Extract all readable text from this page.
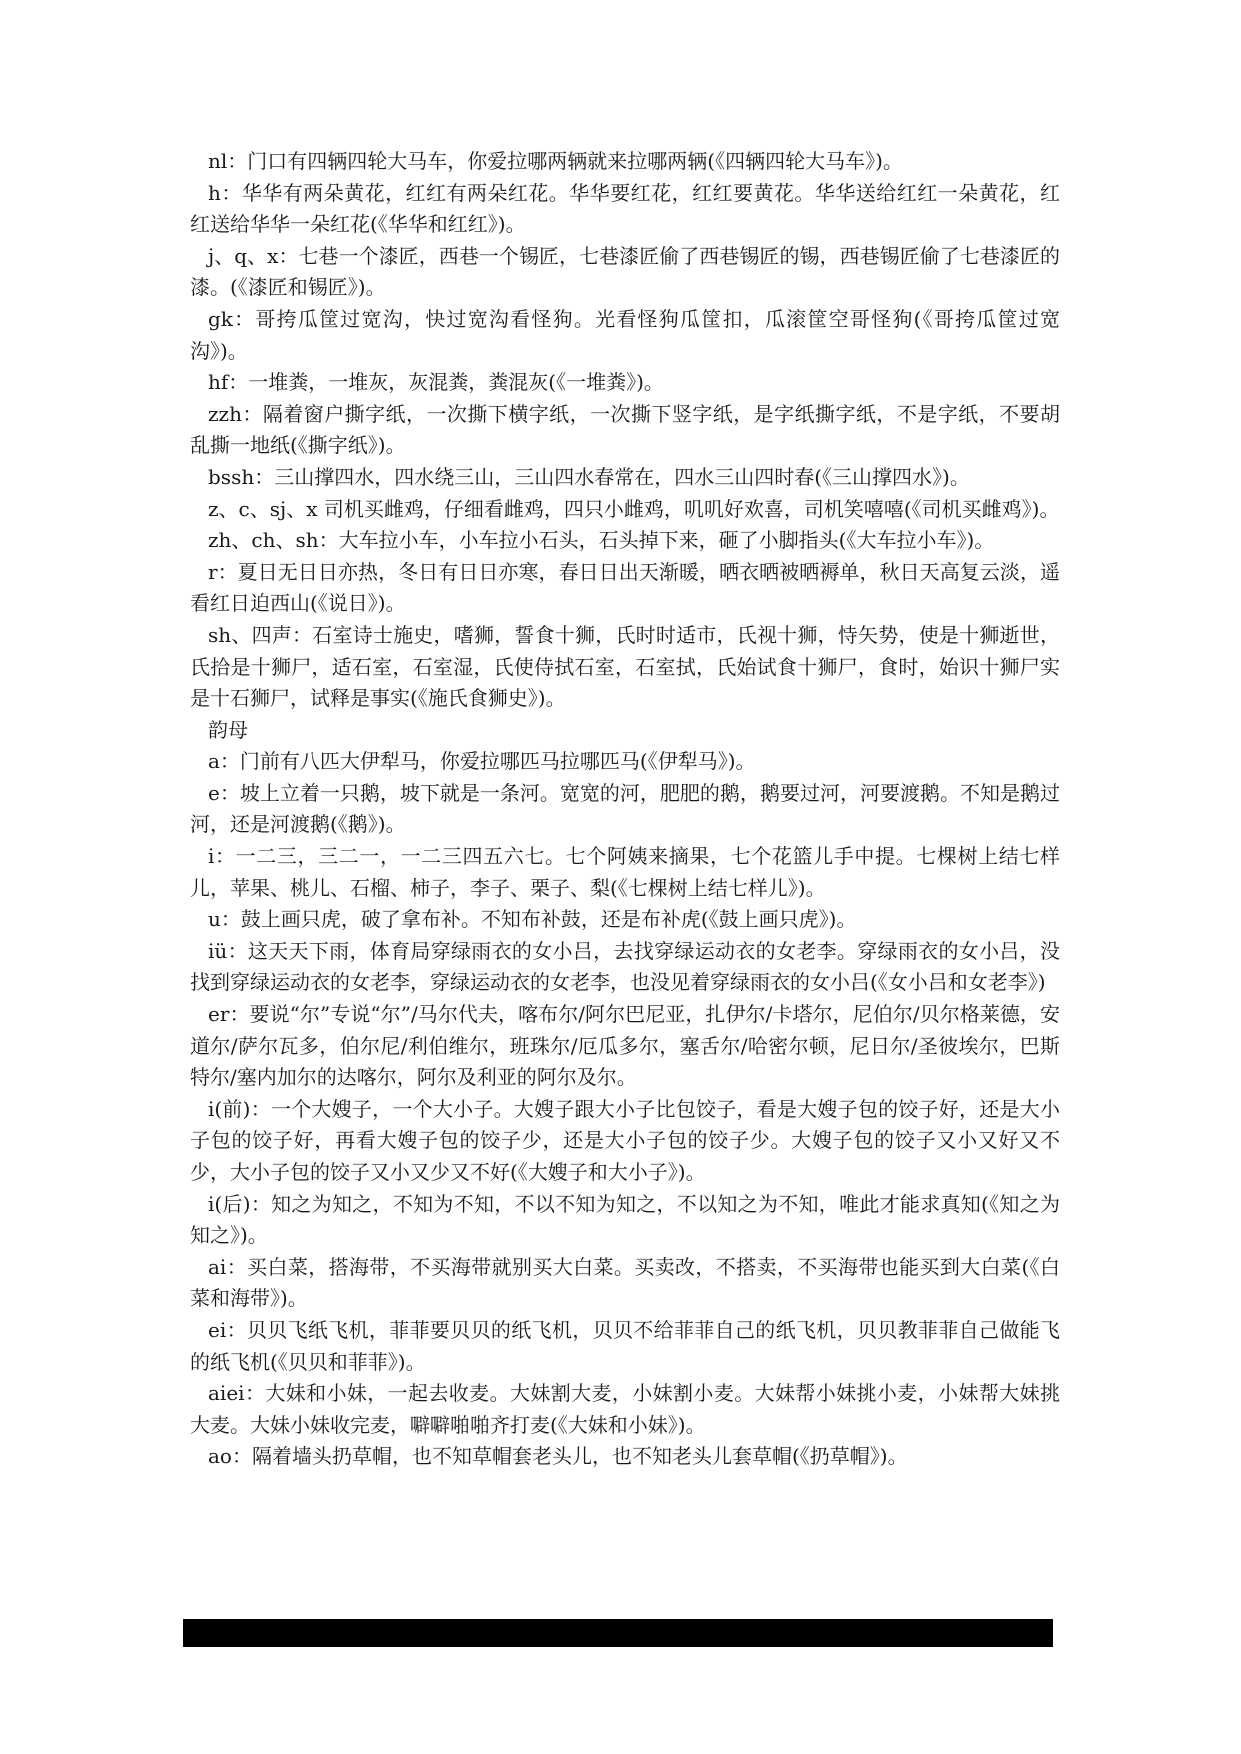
nl：门口有四辆四轮大马车，你爱拉哪两辆就来拉哪两辆(《四辆四轮大马车》)。

h：华华有两朵黄花，红红有两朵红花。华华要红花，红红要黄花。华华送给红红一朵黄花，红红送给华华一朵红花(《华华和红红》)。

j、q、x：七巷一个漆匠，西巷一个锡匠，七巷漆匠偷了西巷锡匠的锡，西巷锡匠偷了七巷漆匠的漆。(《漆匠和锡匠》)。

gk：哥挎瓜筐过宽沟，快过宽沟看怪狗。光看怪狗瓜筐扣，瓜滚筐空哥怪狗(《哥挎瓜筐过宽沟》)。

hf：一堆粪，一堆灰，灰混粪，粪混灰(《一堆粪》)。

zzh：隔着窗户撕字纸，一次撕下横字纸，一次撕下竖字纸，是字纸撕字纸，不是字纸，不要胡乱撕一地纸(《撕字纸》)。

bssh：三山撑四水，四水绕三山，三山四水春常在，四水三山四时春(《三山撑四水》)。

z、c、sj、x 司机买雌鸡，仔细看雌鸡，四只小雌鸡，叽叽好欢喜，司机笑嘻嘻(《司机买雌鸡》)。

zh、ch、sh：大车拉小车，小车拉小石头，石头掉下来，砸了小脚指头(《大车拉小车》)。

r：夏日无日日亦热，冬日有日日亦寒，春日日出天渐暖，晒衣晒被晒褥单，秋日天高复云淡，遥看红日迫西山(《说日》)。

sh、四声：石室诗士施史，嗜狮，誓食十狮，氏时时适市，氏视十狮，恃矢势，使是十狮逝世，氏拾是十狮尸，适石室，石室湿，氏使侍拭石室，石室拭，氏始试食十狮尸，食时，始识十狮尸实是十石狮尸，试释是事实(《施氏食狮史》)。

韵母

a：门前有八匹大伊犁马，你爱拉哪匹马拉哪匹马(《伊犁马》)。

e：坡上立着一只鹅，坡下就是一条河。宽宽的河，肥肥的鹅，鹅要过河，河要渡鹅。不知是鹅过河，还是河渡鹅(《鹅》)。

i：一二三，三二一，一二三四五六七。七个阿姨来摘果，七个花篮儿手中提。七棵树上结七样儿，苹果、桃儿、石榴、柿子，李子、栗子、梨(《七棵树上结七样儿》)。

u：鼓上画只虎，破了拿布补。不知布补鼓，还是布补虎(《鼓上画只虎》)。

iü：这天天下雨，体育局穿绿雨衣的女小吕，去找穿绿运动衣的女老李。穿绿雨衣的女小吕，没找到穿绿运动衣的女老李，穿绿运动衣的女老李，也没见着穿绿雨衣的女小吕(《女小吕和女老李》)

er：要说“尔”专说“尔”/马尔代夫，喀布尔/阿尔巴尼亚，扎伊尔/卡塔尔，尼伯尔/贝尔格莱德，安道尔/萨尔瓦多，伯尔尼/利伯维尔，班珠尔/厄瓜多尔，塞舌尔/哈密尔顿，尼日尔/圣彼埃尔，巴斯特尔/塞内加尔的达喀尔，阿尔及利亚的阿尔及尔。

i(前)：一个大嫂子，一个大小子。大嫂子跟大小子比包饺子，看是大嫂子包的饺子好，还是大小子包的饺子好，再看大嫂子包的饺子少，还是大小子包的饺子少。大嫂子包的饺子又小又好又不少，大小子包的饺子又小又少又不好(《大嫂子和大小子》)。

i(后)：知之为知之，不知为不知，不以不知为知之，不以知之为不知，唯此才能求真知(《知之为知之》)。

ai：买白菜，搭海带，不买海带就别买大白菜。买卖改，不搭卖，不买海带也能买到大白菜(《白菜和海带》)。

ei：贝贝飞纸飞机，菲菲要贝贝的纸飞机，贝贝不给菲菲自己的纸飞机，贝贝教菲菲自己做能飞的纸飞机(《贝贝和菲菲》)。

aiei：大妹和小妹，一起去收麦。大妹割大麦，小妹割小麦。大妹帮小妹挑小麦，小妹帮大妹挑大麦。大妹小妹收完麦，噼噼啪啪齐打麦(《大妹和小妹》)。

ao：隔着墙头扔草帽，也不知草帽套老头儿，也不知老头儿套草帽(《扔草帽》)。

第 2 页  /总页数  6  页
